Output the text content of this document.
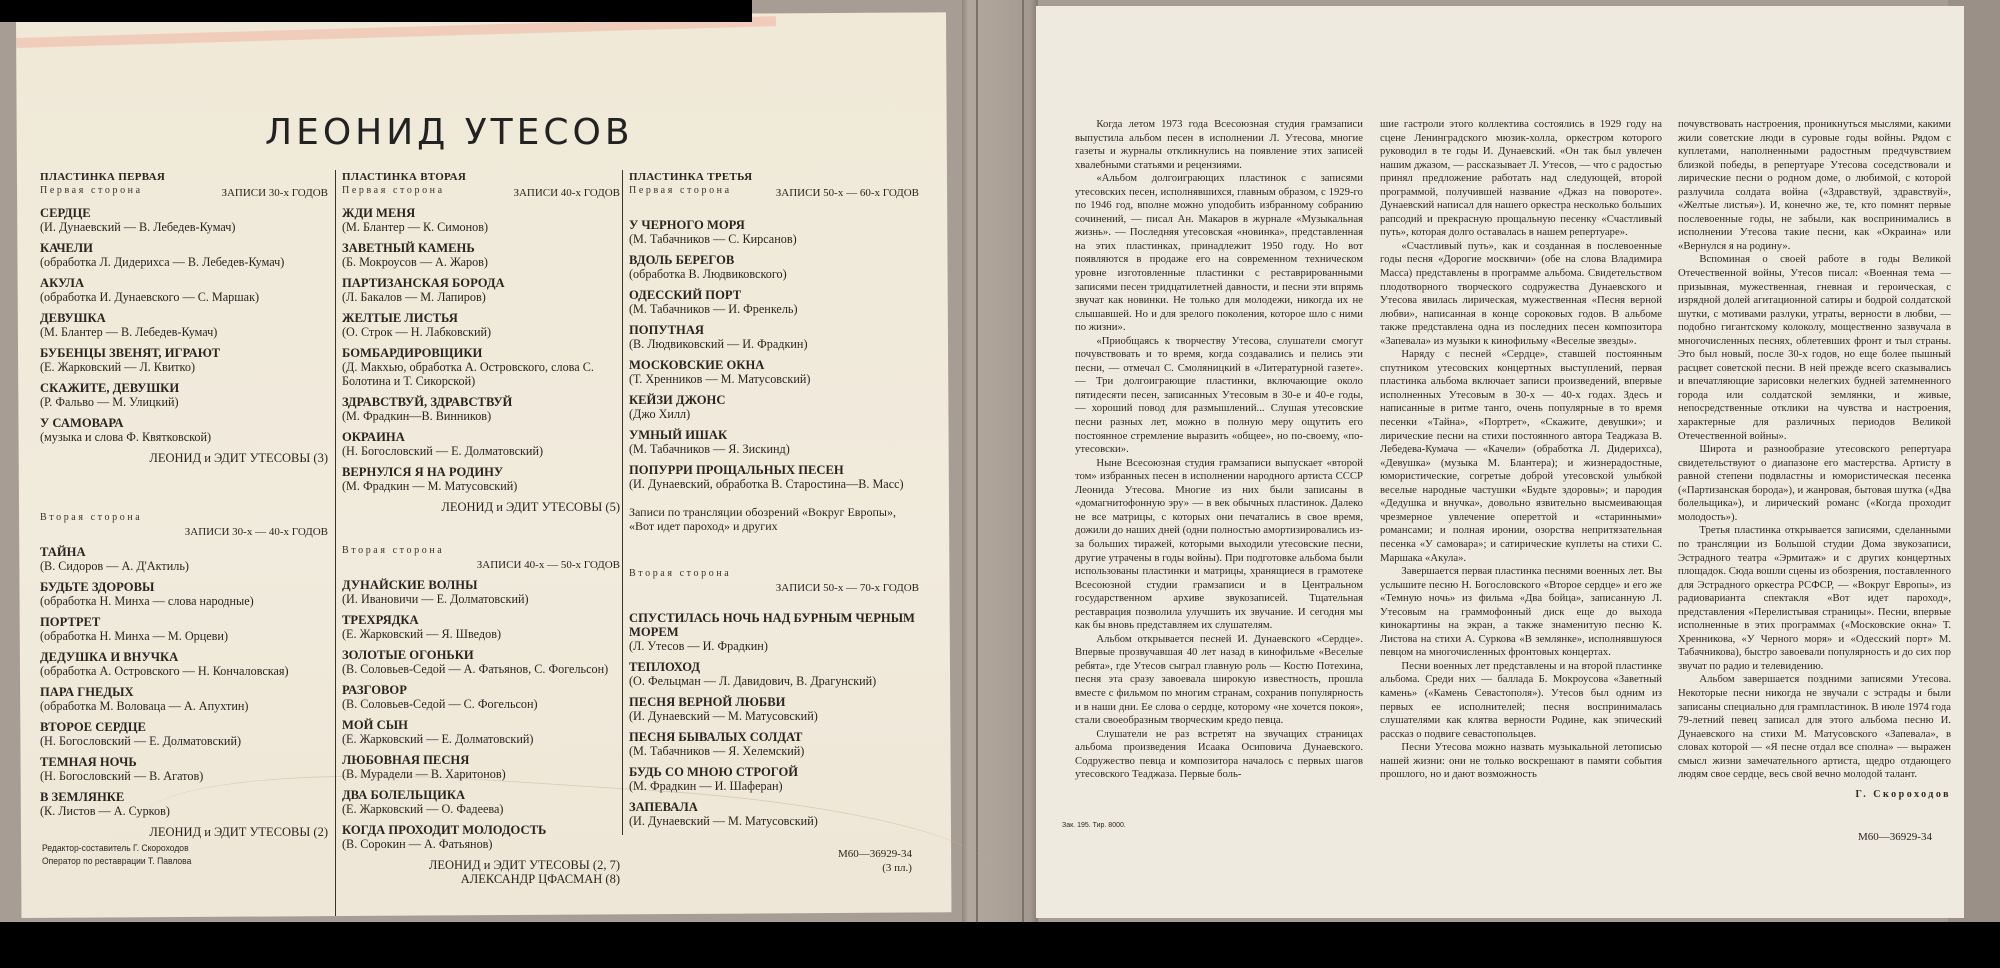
ЛЕОНИД УТЕСОВ
ПЛАСТИНКА ПЕРВАЯ
Первая сторона	ЗАПИСИ 30-х ГОДОВ
СЕРДЦЕ
(И. Дунаевский — В. Лебедев-Кумач)
КАЧЕЛИ
(обработка Л. Дидерихса — В. Лебедев-Кумач)
АКУЛА
(обработка И. Дунаевского — С. Маршак)
ДЕВУШКА
(М. Блантер — В. Лебедев-Кумач)
БУБЕНЦЫ ЗВЕНЯТ, ИГРАЮТ
(Е. Жарковский — Л. Квитко)
СКАЖИТЕ, ДЕВУШКИ
(Р. Фальво — М. Улицкий)
У САМОВАРА
(музыка и слова Ф. Квятковской)
ЛЕОНИД и ЭДИТ УТЕСОВЫ (3)
Вторая сторона
ЗАПИСИ 30-х — 40-х ГОДОВ
ТАЙНА
(В. Сидоров — А. Д'Актиль)
БУДЬТЕ ЗДОРОВЫ
(обработка Н. Минха — слова народные)
ПОРТРЕТ
(обработка Н. Минха — М. Орцеви)
ДЕДУШКА И ВНУЧКА
(обработка А. Островского — Н. Кончаловская)
ПАРА ГНЕДЫХ
(обработка М. Воловаца — А. Апухтин)
ВТОРОЕ СЕРДЦЕ
(Н. Богословский — Е. Долматовский)
ТЕМНАЯ НОЧЬ
(Н. Богословский — В. Агатов)
В ЗЕМЛЯНКЕ
(К. Листов — А. Сурков)
ЛЕОНИД и ЭДИТ УТЕСОВЫ (2)
ПЛАСТИНКА ВТОРАЯ
Первая сторона	ЗАПИСИ 40-х ГОДОВ
ЖДИ МЕНЯ
(М. Блантер — К. Симонов)
ЗАВЕТНЫЙ КАМЕНЬ
(Б. Мокроусов — А. Жаров)
ПАРТИЗАНСКАЯ БОРОДА
(Л. Бакалов — М. Лапиров)
ЖЕЛТЫЕ ЛИСТЬЯ
(О. Строк — Н. Лабковский)
БОМБАРДИРОВЩИКИ
(Д. Макхью, обработка А. Островского, слова С. Болотина и Т. Сикорской)
ЗДРАВСТВУЙ, ЗДРАВСТВУЙ
(М. Фрадкин—В. Винников)
ОКРАИНА
(Н. Богословский — Е. Долматовский)
ВЕРНУЛСЯ Я НА РОДИНУ
(М. Фрадкин — М. Матусовский)
ЛЕОНИД и ЭДИТ УТЕСОВЫ (5)
Вторая сторона
ЗАПИСИ 40-х — 50-х ГОДОВ
ДУНАЙСКИЕ ВОЛНЫ
(И. Ивановичи — Е. Долматовский)
ТРЕХРЯДКА
(Е. Жарковский — Я. Шведов)
ЗОЛОТЫЕ ОГОНЬКИ
(В. Соловьев-Седой — А. Фатьянов, С. Фогельсон)
РАЗГОВОР
(В. Соловьев-Седой — С. Фогельсон)
МОЙ СЫН
(Е. Жарковский — Е. Долматовский)
ЛЮБОВНАЯ ПЕСНЯ
(В. Мурадели — В. Харитонов)
ДВА БОЛЕЛЬЩИКА
(Е. Жарковский — О. Фадеева)
КОГДА ПРОХОДИТ МОЛОДОСТЬ
(В. Сорокин — А. Фатьянов)
ЛЕОНИД и ЭДИТ УТЕСОВЫ (2, 7)
АЛЕКСАНДР ЦФАСМАН (8)
ПЛАСТИНКА ТРЕТЬЯ
Первая сторона	ЗАПИСИ 50-х — 60-х ГОДОВ
У ЧЕРНОГО МОРЯ
(М. Табачников — С. Кирсанов)
ВДОЛЬ БЕРЕГОВ
(обработка В. Людвиковского)
ОДЕССКИЙ ПОРТ
(М. Табачников — И. Френкель)
ПОПУТНАЯ
(В. Людвиковский — И. Фрадкин)
МОСКОВСКИЕ ОКНА
(Т. Хренников — М. Матусовский)
КЕЙЗИ ДЖОНС
(Джо Хилл)
УМНЫЙ ИШАК
(М. Табачников — Я. Зискинд)
ПОПУРРИ ПРОЩАЛЬНЫХ ПЕСЕН
(И. Дунаевский, обработка В. Старостина—В. Масс)
Записи по трансляции обозрений «Вокруг Европы», «Вот идет пароход» и других
Вторая сторона
ЗАПИСИ 50-х — 70-х ГОДОВ
СПУСТИЛАСЬ НОЧЬ НАД БУРНЫМ ЧЕРНЫМ МОРЕМ
(Л. Утесов — И. Фрадкин)
ТЕПЛОХОД
(О. Фельцман — Л. Давидович, В. Драгунский)
ПЕСНЯ ВЕРНОЙ ЛЮБВИ
(И. Дунаевский — М. Матусовский)
ПЕСНЯ БЫВАЛЫХ СОЛДАТ
(М. Табачников — Я. Хелемский)
БУДЬ СО МНОЮ СТРОГОЙ
(М. Фрадкин — И. Шаферан)
ЗАПЕВАЛА
(И. Дунаевский — М. Матусовский)
Редактор-составитель Г. Скороходов
Оператор по реставрации Т. Павлова
М60—36929-34
(3 пл.)

Когда летом 1973 года Всесоюзная студия грамзаписи выпустила альбом песен в исполнении Л. Утесова, многие газеты и журналы откликнулись на появление этих записей хвалебными статьями и рецензиями.

«Альбом долгоиграющих пластинок с записями утесовских песен, исполнявшихся, главным образом, с 1929-го по 1946 год, вполне можно уподобить избранному собранию сочинений, — писал Ан. Макаров в журнале «Музыкальная жизнь». — Последняя утесовская «новинка», представленная на этих пластинках, принадлежит 1950 году. Но вот появляются в продаже его на современном техническом уровне изготовленные пластинки с реставрированными записями песен тридцатилетней давности, и песни эти впрямь звучат как новинки. Не только для молодежи, никогда их не слышавшей. Но и для зрелого поколения, которое шло с ними по жизни».

«Приобщаясь к творчеству Утесова, слушатели смогут почувствовать и то время, когда создавались и пелись эти песни, — отмечал С. Смоляницкий в «Литературной газете». — Три долгоиграющие пластинки, включающие около пятидесяти песен, записанных Утесовым в 30-е и 40-е годы, — хороший повод для размышлений... Слушая утесовские песни разных лет, можно в полную меру ощутить его постоянное стремление выразить «общее», но по-своему, «по-утесовски».

Ныне Всесоюзная студия грамзаписи выпускает «второй том» избранных песен в исполнении народного артиста СССР Леонида Утесова. Многие из них были записаны в «домагнитофонную эру» — в век обычных пластинок. Далеко не все матрицы, с которых они печатались в свое время, дожили до наших дней (одни полностью амортизировались из-за больших тиражей, которыми выходили утесовские песни, другие утрачены в годы войны). При подготовке альбома были использованы пластинки и матрицы, хранящиеся в грамотеке Всесоюзной студии грамзаписи и в Центральном государственном архиве звукозаписей. Тщательная реставрация позволила улучшить их звучание. И сегодня мы как бы вновь представляем их слушателям.

Альбом открывается песней И. Дунаевского «Сердце». Впервые прозвучавшая 40 лет назад в кинофильме «Веселые ребята», где Утесов сыграл главную роль — Костю Потехина, песня эта сразу завоевала широкую известность, прошла вместе с фильмом по многим странам, сохранив популярность и в наши дни. Ее слова о сердце, которому «не хочется покоя», стали своеобразным творческим кредо певца.

Слушатели не раз встретят на звучащих страницах альбома произведения Исаака Осиповича Дунаевского. Содружество певца и композитора началось с первых шагов утесовского Теаджаза. Первые боль-

шие гастроли этого коллектива состоялись в 1929 году на сцене Ленинградского мюзик-холла, оркестром которого руководил в те годы И. Дунаевский. «Он так был увлечен нашим джазом, — рассказывает Л. Утесов, — что с радостью принял предложение работать над следующей, второй программой, получившей название «Джаз на повороте». Дунаевский написал для нашего оркестра несколько больших рапсодий и прекрасную прощальную песенку «Счастливый путь», которая долго оставалась в нашем репертуаре».

«Счастливый путь», как и созданная в послевоенные годы песня «Дорогие москвичи» (обе на слова Владимира Масса) представлены в программе альбома. Свидетельством плодотворного творческого содружества Дунаевского и Утесова явилась лирическая, мужественная «Песня верной любви», написанная в конце сороковых годов. В альбоме также представлена одна из последних песен композитора «Запевала» из музыки к кинофильму «Веселые звезды».

Наряду с песней «Сердце», ставшей постоянным спутником утесовских концертных выступлений, первая пластинка альбома включает записи произведений, впервые исполненных Утесовым в 30-х — 40-х годах. Здесь и написанные в ритме танго, очень популярные в то время песенки «Тайна», «Портрет», «Скажите, девушки»; и лирические песни на стихи постоянного автора Теаджаза В. Лебедева-Кумача — «Качели» (обработка Л. Дидерихса), «Девушка» (музыка М. Блантера); и жизнерадостные, юмористические, согретые доброй утесовской улыбкой веселые народные частушки «Будьте здоровы»; и пародия «Дедушка и внучка», довольно язвительно высмеивающая чрезмерное увлечение опереттой и «старинными» романсами; и полная иронии, озорства непритязательная песенка «У самовара»; и сатирические куплеты на стихи С. Маршака «Акула».

Завершается первая пластинка песнями военных лет. Вы услышите песню Н. Богословского «Второе сердце» и его же «Темную ночь» из фильма «Два бойца», записанную Л. Утесовым на граммофонный диск еще до выхода кинокартины на экран, а также знаменитую песню К. Листова на стихи А. Суркова «В землянке», исполнявшуюся певцом на многочисленных фронтовых концертах.

Песни военных лет представлены и на второй пластинке альбома. Среди них — баллада Б. Мокроусова «Заветный камень» («Камень Севастополя»). Утесов был одним из первых ее исполнителей; песня воспринималась слушателями как клятва верности Родине, как эпический рассказ о подвиге севастопольцев.

Песни Утесова можно назвать музыкальной летописью нашей жизни: они не только воскрешают в памяти события прошлого, но и дают возможность

почувствовать настроения, проникнуться мыслями, какими жили советские люди в суровые годы войны. Рядом с куплетами, наполненными радостным предчувствием близкой победы, в репертуаре Утесова соседствовали и лирические песни о родном доме, о любимой, с которой разлучила солдата война («Здравствуй, здравствуй», «Желтые листья»). И, конечно же, те, кто помнят первые послевоенные годы, не забыли, как воспринимались в исполнении Утесова такие песни, как «Окраина» или «Вернулся я на родину».

Вспоминая о своей работе в годы Великой Отечественной войны, Утесов писал: «Военная тема — призывная, мужественная, гневная и героическая, с изрядной долей агитационной сатиры и бодрой солдатской шутки, с мотивами разлуки, утраты, верности в любви, — подобно гигантскому колоколу, мощественно зазвучала в многочисленных песнях, облетевших фронт и тыл страны. Это был новый, после 30-х годов, но еще более пышный расцвет советской песни. В ней прежде всего сказывались и впечатляющие зарисовки нелегких будней затемненного города или солдатской землянки, и живые, непосредственные отклики на чувства и настроения, характерные для различных периодов Великой Отечественной войны».

Широта и разнообразие утесовского репертуара свидетельствуют о диапазоне его мастерства. Артисту в равной степени подвластны и юмористическая песенка («Партизанская борода»), и жанровая, бытовая шутка («Два болельщика»), и лирический романс («Когда проходит молодость»).

Третья пластинка открывается записями, сделанными по трансляции из Большой студии Дома звукозаписи, Эстрадного театра «Эрмитаж» и с других концертных площадок. Сюда вошли сцены из обозрения, поставленного для Эстрадного оркестра РСФСР, — «Вокруг Европы», из радиоварианта спектакля «Вот идет пароход», представления «Перелистывая страницы». Песни, впервые исполненные в этих программах («Московские окна» Т. Хренникова, «У Черного моря» и «Одесский порт» М. Табачникова), быстро завоевали популярность и до сих пор звучат по радио и телевидению.

Альбом завершается поздними записями Утесова. Некоторые песни никогда не звучали с эстрады и были записаны специально для грампластинок. В июле 1974 года 79-летний певец записал для этого альбома песню И. Дунаевского на стихи М. Матусовского «Запевала», в словах которой — «Я песне отдал все сполна» — выражен смысл жизни замечательного артиста, щедро отдающего людям свое сердце, весь свой вечно молодой талант.

Г. Скороходов
Зак. 195. Тир. 8000.
М60—36929-34
